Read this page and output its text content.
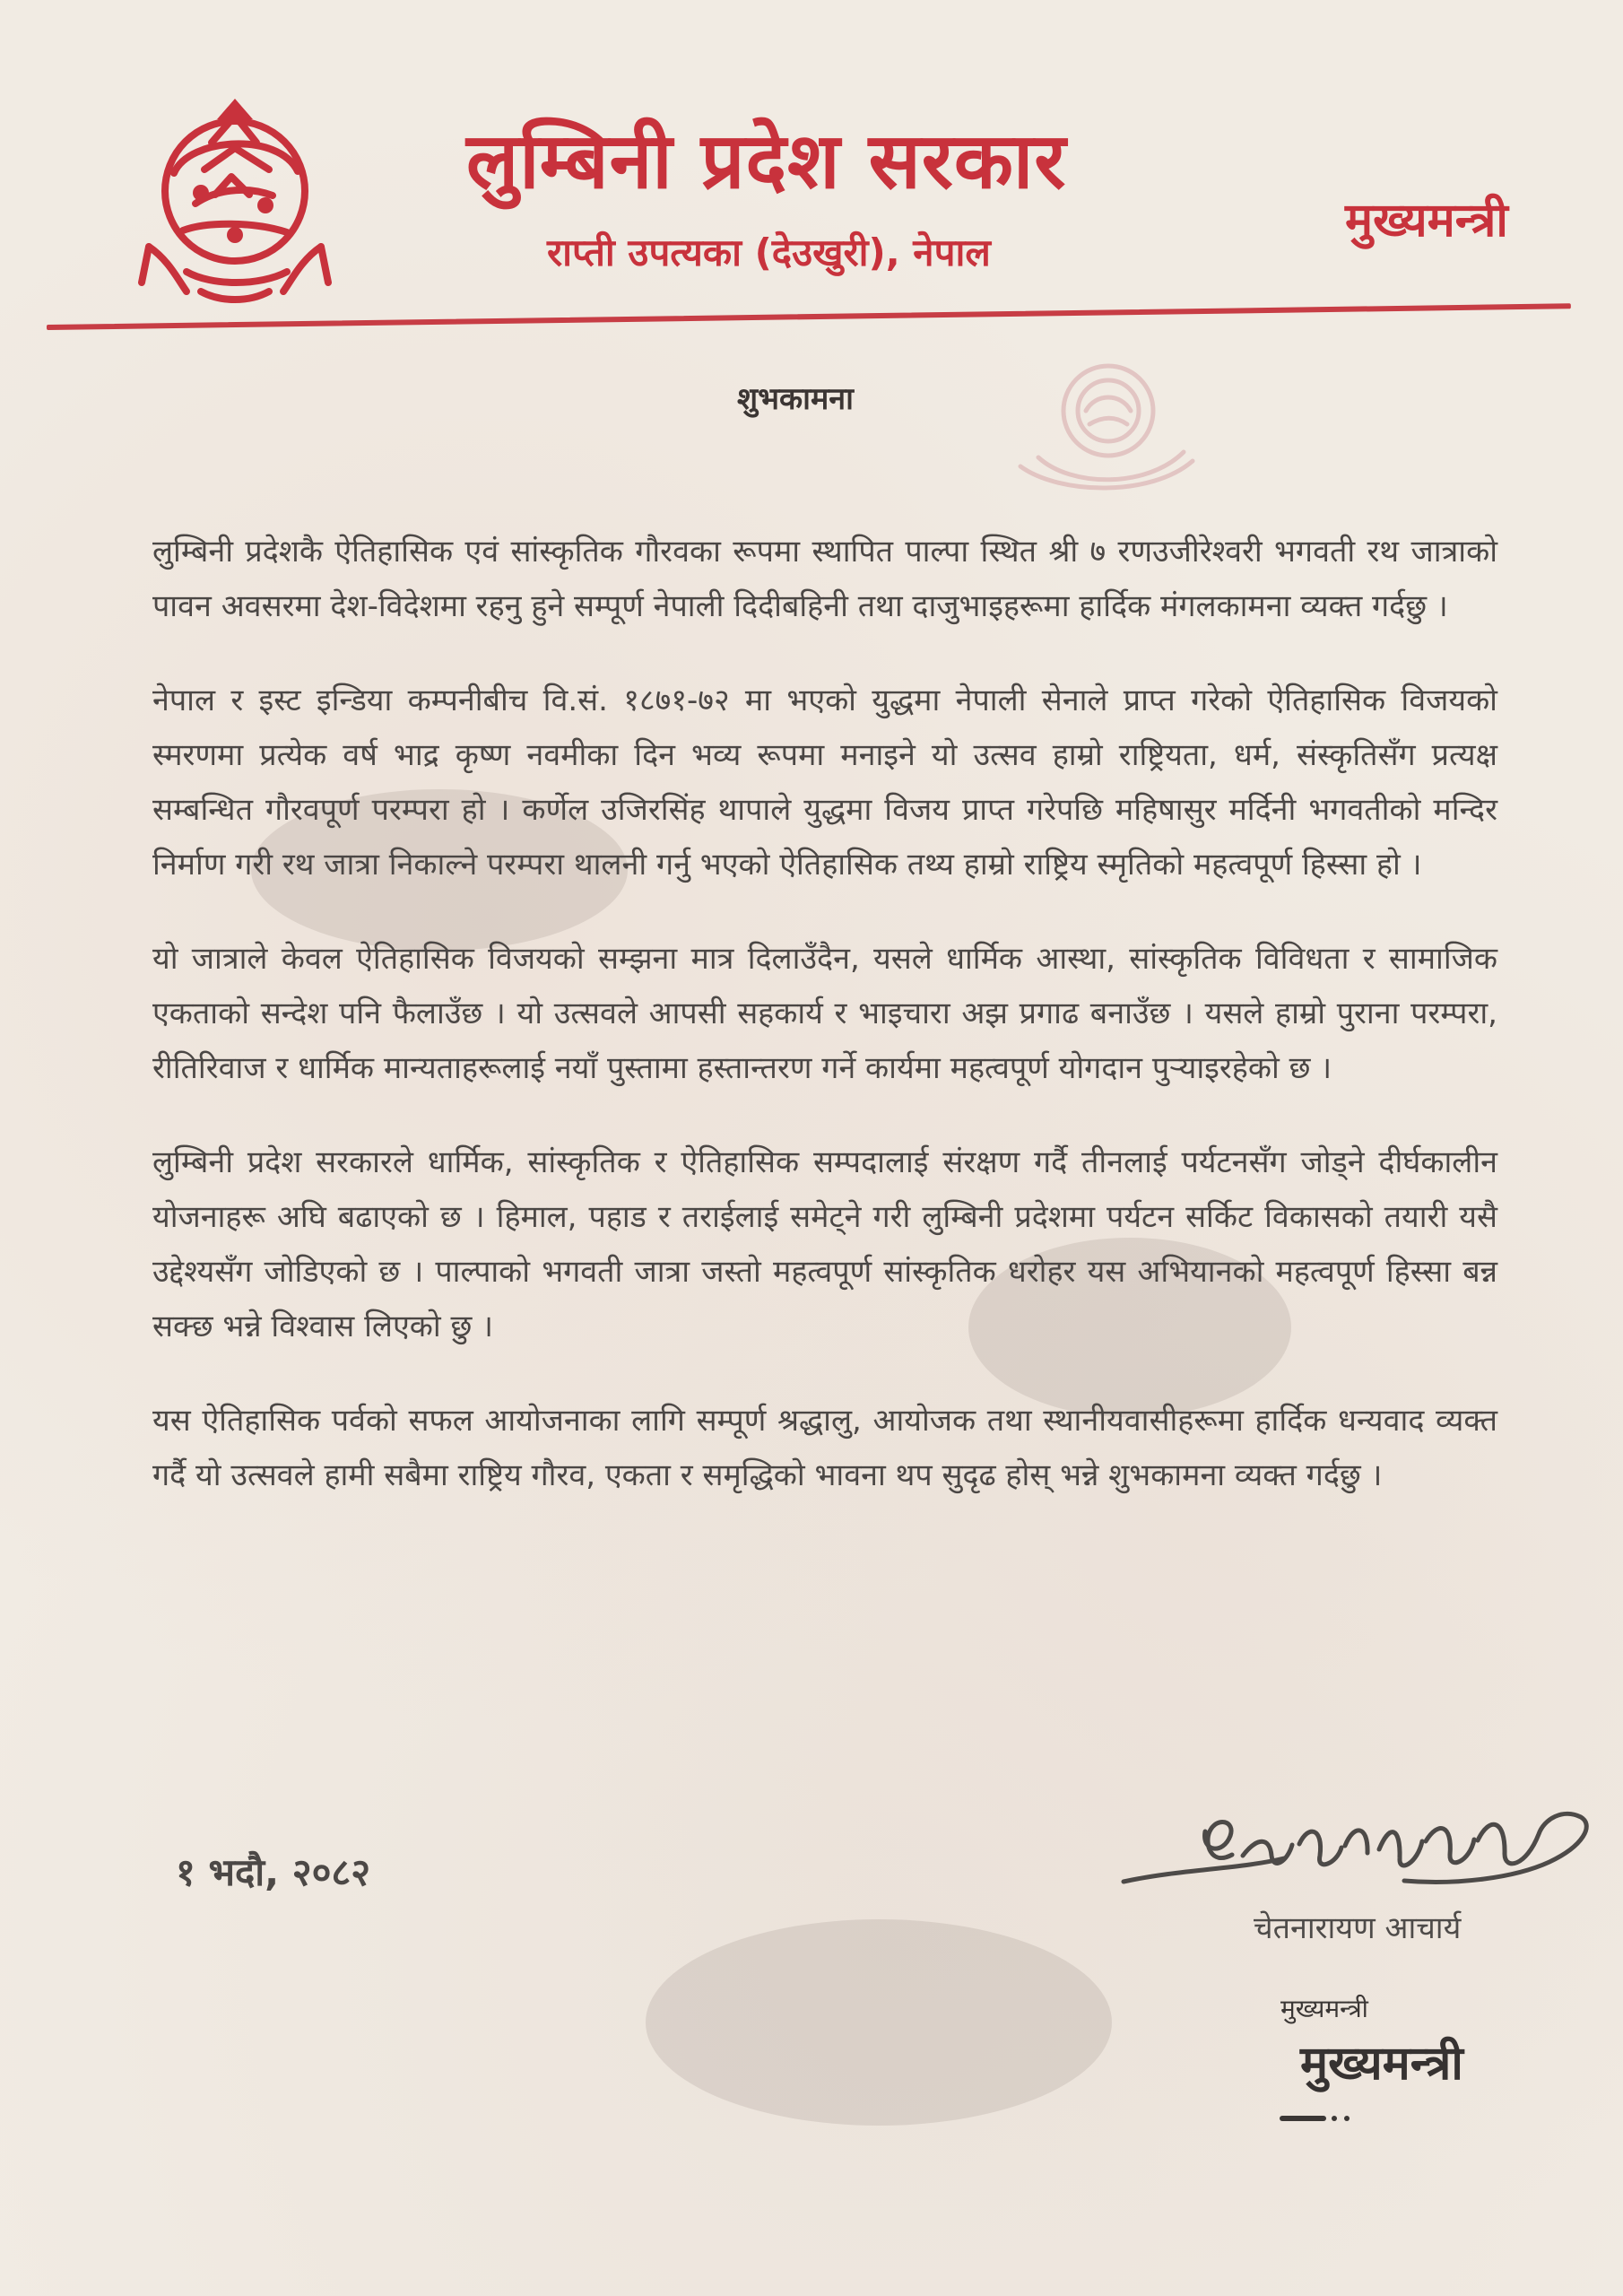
लुम्बिनी प्रदेश सरकार
राप्ती उपत्यका (देउखुरी), नेपाल
मुख्यमन्त्री
शुभकामना

लुम्बिनी प्रदेशकै ऐतिहासिक एवं सांस्कृतिक गौरवका रूपमा स्थापित पाल्पा स्थित श्री ७ रणउजीरेश्वरी भगवती रथ जात्राको पावन अवसरमा देश-विदेशमा रहनु हुने सम्पूर्ण नेपाली दिदीबहिनी तथा दाजुभाइहरूमा हार्दिक मंगलकामना व्यक्त गर्दछु ।

नेपाल र इस्ट इन्डिया कम्पनीबीच वि.सं. १८७१-७२ मा भएको युद्धमा नेपाली सेनाले प्राप्त गरेको ऐतिहासिक विजयको स्मरणमा प्रत्येक वर्ष भाद्र कृष्ण नवमीका दिन भव्य रूपमा मनाइने यो उत्सव हाम्रो राष्ट्रियता, धर्म, संस्कृतिसँग प्रत्यक्ष सम्बन्धित गौरवपूर्ण परम्परा हो । कर्णेल उजिरसिंह थापाले युद्धमा विजय प्राप्त गरेपछि महिषासुर मर्दिनी भगवतीको मन्दिर निर्माण गरी रथ जात्रा निकाल्ने परम्परा थालनी गर्नु भएको ऐतिहासिक तथ्य हाम्रो राष्ट्रिय स्मृतिको महत्वपूर्ण हिस्सा हो ।

यो जात्राले केवल ऐतिहासिक विजयको सम्झना मात्र दिलाउँदैन, यसले धार्मिक आस्था, सांस्कृतिक विविधता र सामाजिक एकताको सन्देश पनि फैलाउँछ । यो उत्सवले आपसी सहकार्य र भाइचारा अझ प्रगाढ बनाउँछ । यसले हाम्रो पुराना परम्परा, रीतिरिवाज र धार्मिक मान्यताहरूलाई नयाँ पुस्तामा हस्तान्तरण गर्ने कार्यमा महत्वपूर्ण योगदान पुर्‍याइरहेको छ ।

लुम्बिनी प्रदेश सरकारले धार्मिक, सांस्कृतिक र ऐतिहासिक सम्पदालाई संरक्षण गर्दै तीनलाई पर्यटनसँग जोड्ने दीर्घकालीन योजनाहरू अघि बढाएको छ । हिमाल, पहाड र तराईलाई समेट्ने गरी लुम्बिनी प्रदेशमा पर्यटन सर्किट विकासको तयारी यसै उद्देश्यसँग जोडिएको छ । पाल्पाको भगवती जात्रा जस्तो महत्वपूर्ण सांस्कृतिक धरोहर यस अभियानको महत्वपूर्ण हिस्सा बन्न सक्छ भन्ने विश्वास लिएको छु ।

यस ऐतिहासिक पर्वको सफल आयोजनाका लागि सम्पूर्ण श्रद्धालु, आयोजक तथा स्थानीयवासीहरूमा हार्दिक धन्यवाद व्यक्त गर्दै यो उत्सवले हामी सबैमा राष्ट्रिय गौरव, एकता र समृद्धिको भावना थप सुदृढ होस् भन्ने शुभकामना व्यक्त गर्दछु ।

१ भदौ, २०८२
चेतनारायण आचार्य
मुख्यमन्त्री
मुख्यमन्त्री
